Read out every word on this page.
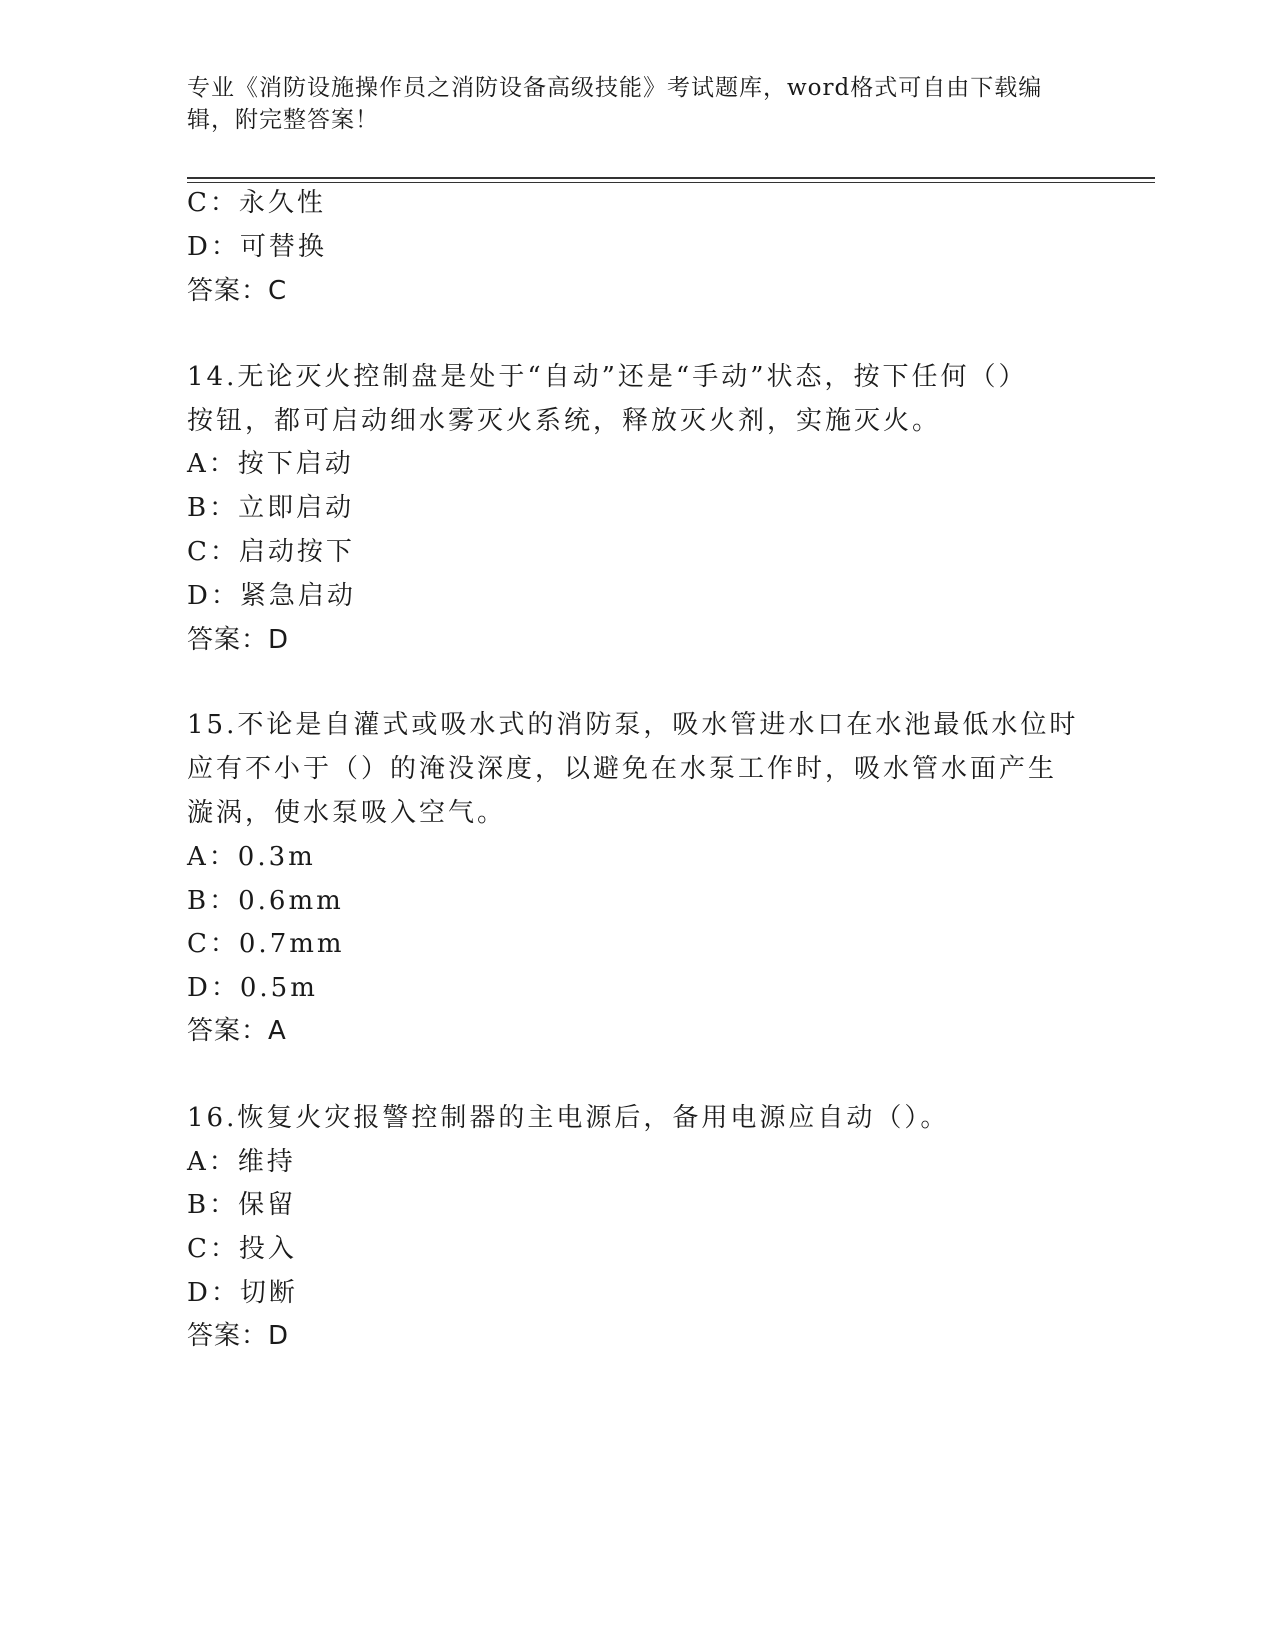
专业《消防设施操作员之消防设备高级技能》考试题库，word格式可自由下载编
辑，附完整答案！
C：永久性
D：可替换
答案：C
14.无论灭火控制盘是处于“自动”还是“手动”状态，按下任何（）
按钮，都可启动细水雾灭火系统，释放灭火剂，实施灭火。
A：按下启动
B：立即启动
C：启动按下
D：紧急启动
答案：D
15.不论是自灌式或吸水式的消防泵，吸水管进水口在水池最低水位时
应有不小于（）的淹没深度，以避免在水泵工作时，吸水管水面产生
漩涡，使水泵吸入空气。
A：0.3m
B：0.6mm
C：0.7mm
D：0.5m
答案：A
16.恢复火灾报警控制器的主电源后，备用电源应自动（）。
A：维持
B：保留
C：投入
D：切断
答案：D
